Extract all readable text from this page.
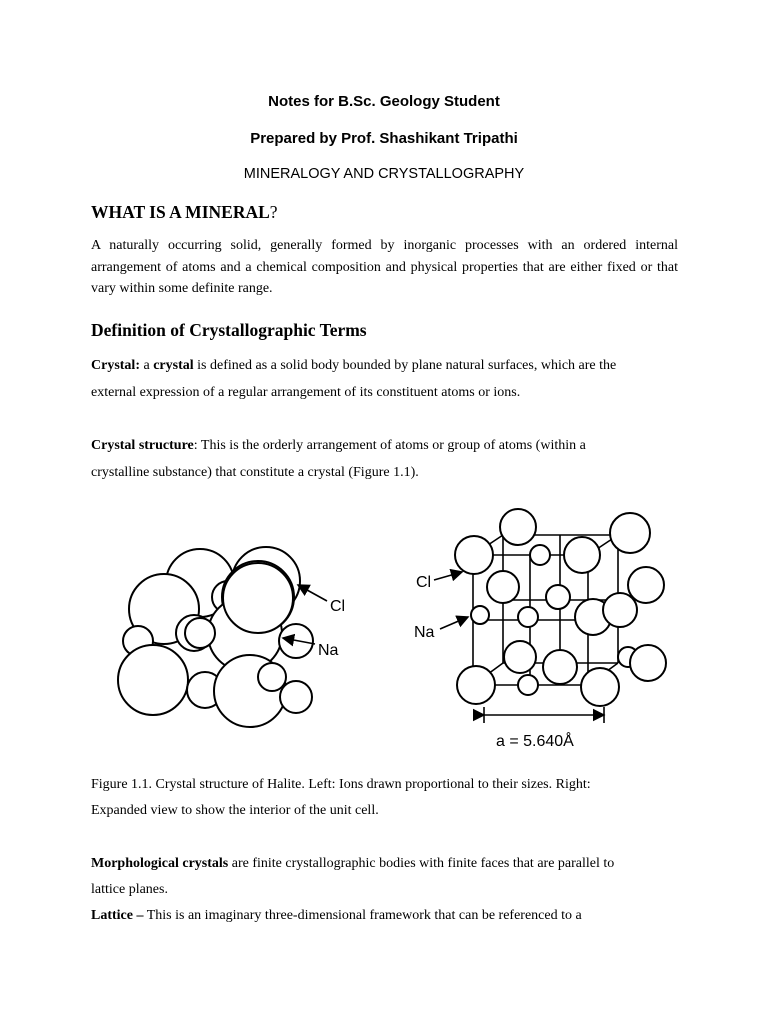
Notes for B.Sc. Geology Student
Prepared by Prof. Shashikant Tripathi
MINERALOGY AND CRYSTALLOGRAPHY
WHAT IS A MINERAL?
A naturally occurring solid, generally formed by inorganic processes with an ordered internal arrangement of atoms and a chemical composition and physical properties that are either fixed or that vary within some definite range.
Definition of Crystallographic Terms
Crystal: a crystal is defined as a solid body bounded by plane natural surfaces, which are the
external expression of a regular arrangement of its constituent atoms or ions.
Crystal structure: This is the orderly arrangement of atoms or group of atoms (within a
crystalline substance) that constitute a crystal (Figure 1.1).
Cl
Na
Cl
Na
a = 5.640Å
Figure 1.1. Crystal structure of Halite. Left: Ions drawn proportional to their sizes. Right:
Expanded view to show the interior of the unit cell.
Morphological crystals are finite crystallographic bodies with finite faces that are parallel to
lattice planes.
Lattice – This is an imaginary three-dimensional framework that can be referenced to a
